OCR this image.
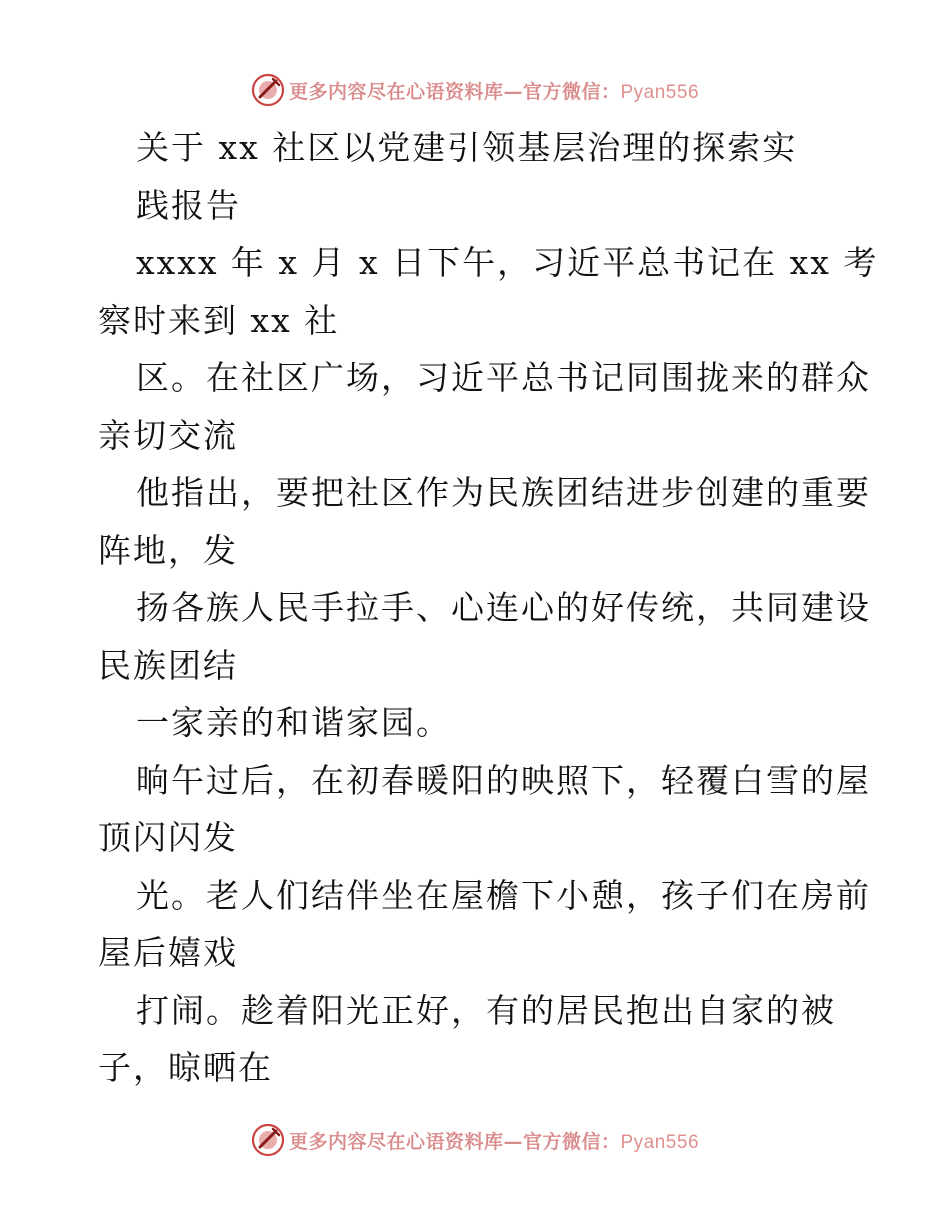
更多内容尽在心语资料库—官方微信：Pyan556
关于 xx 社区以党建引领基层治理的探索实
践报告
xxxx 年 x 月 x 日下午，习近平总书记在 xx 考
察时来到 xx 社
区。在社区广场，习近平总书记同围拢来的群众
亲切交流
他指出，要把社区作为民族团结进步创建的重要
阵地，发
扬各族人民手拉手、心连心的好传统，共同建设
民族团结
一家亲的和谐家园。
晌午过后，在初春暖阳的映照下，轻覆白雪的屋
顶闪闪发
光。老人们结伴坐在屋檐下小憩，孩子们在房前
屋后嬉戏
打闹。趁着阳光正好，有的居民抱出自家的被
子，晾晒在
更多内容尽在心语资料库—官方微信：Pyan556
